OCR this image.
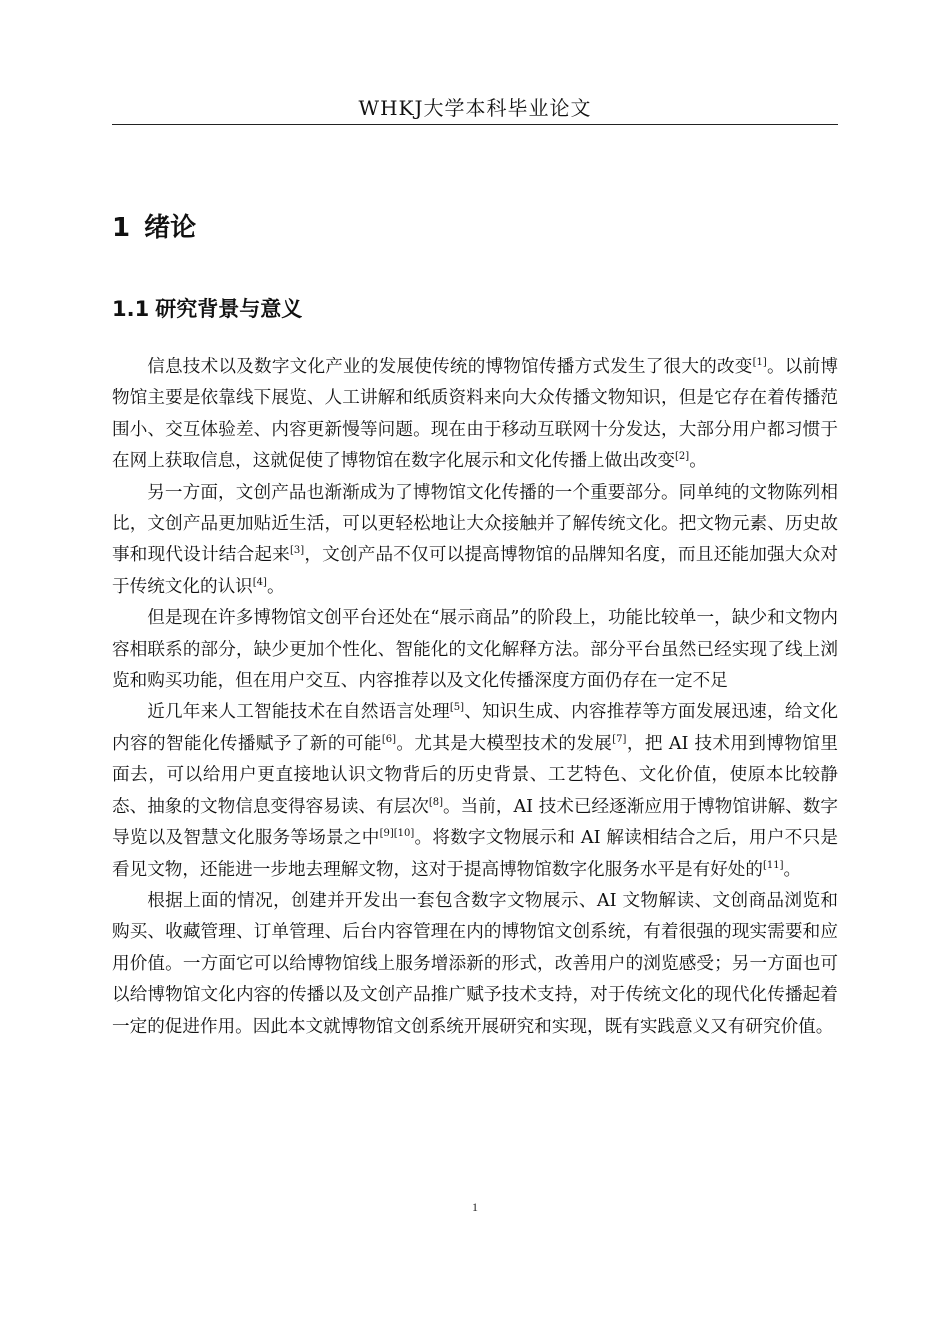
WHKJ大学本科毕业论文
1 绪论
1.1 研究背景与意义

信息技术以及数字文化产业的发展使传统的博物馆传播方式发生了很大的改变[1]。以前博物馆主要是依靠线下展览、人工讲解和纸质资料来向大众传播文物知识，但是它存在着传播范围小、交互体验差、内容更新慢等问题。现在由于移动互联网十分发达，大部分用户都习惯于在网上获取信息，这就促使了博物馆在数字化展示和文化传播上做出改变[2]。

另一方面，文创产品也渐渐成为了博物馆文化传播的一个重要部分。同单纯的文物陈列相比，文创产品更加贴近生活，可以更轻松地让大众接触并了解传统文化。把文物元素、历史故事和现代设计结合起来[3]，文创产品不仅可以提高博物馆的品牌知名度，而且还能加强大众对于传统文化的认识[4]。

但是现在许多博物馆文创平台还处在“展示商品”的阶段上，功能比较单一，缺少和文物内容相联系的部分，缺少更加个性化、智能化的文化解释方法。部分平台虽然已经实现了线上浏览和购买功能，但在用户交互、内容推荐以及文化传播深度方面仍存在一定不足

近几年来人工智能技术在自然语言处理[5]、知识生成、内容推荐等方面发展迅速，给文化内容的智能化传播赋予了新的可能[6]。尤其是大模型技术的发展[7]，把 AI 技术用到博物馆里面去，可以给用户更直接地认识文物背后的历史背景、工艺特色、文化价值，使原本比较静态、抽象的文物信息变得容易读、有层次[8]。当前，AI 技术已经逐渐应用于博物馆讲解、数字导览以及智慧文化服务等场景之中[9][10]。将数字文物展示和 AI 解读相结合之后，用户不只是看见文物，还能进一步地去理解文物，这对于提高博物馆数字化服务水平是有好处的[11]。

根据上面的情况，创建并开发出一套包含数字文物展示、AI 文物解读、文创商品浏览和购买、收藏管理、订单管理、后台内容管理在内的博物馆文创系统，有着很强的现实需要和应用价值。一方面它可以给博物馆线上服务增添新的形式，改善用户的浏览感受；另一方面也可以给博物馆文化内容的传播以及文创产品推广赋予技术支持，对于传统文化的现代化传播起着一定的促进作用。因此本文就博物馆文创系统开展研究和实现，既有实践意义又有研究价值。

1
